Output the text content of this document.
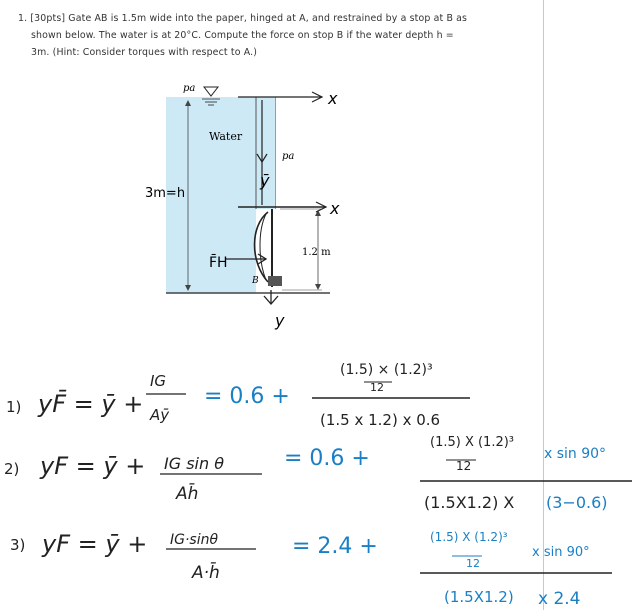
1. [30pts] Gate AB is 1.5m wide into the paper, hinged at A, and restrained by a stop at B as
shown below. The water is at 20°C. Compute the force on stop B if the water depth h =
3m. (Hint: Consider torques with respect to A.)
pa
Water
pa
3m=h
1.2 m
B
x
ȳ
x
F̄H
y
1) yF̄ = ȳ +
IG
Aȳ
= 0.6 +
(1.5) × (1.2)³
12
(1.5 x 1.2) x 0.6
2) yF = ȳ + IG sin θ
Ah̄
= 0.6 +
(1.5) X (1.2)³
12
x sin 90°
(1.5X1.2) X (3−0.6)
3) yF = ȳ + IG·sinθ
A·h̄
= 2.4 +	(1.5) X (1.2)³
12
x sin 90°
(1.5X1.2) x 2.4
